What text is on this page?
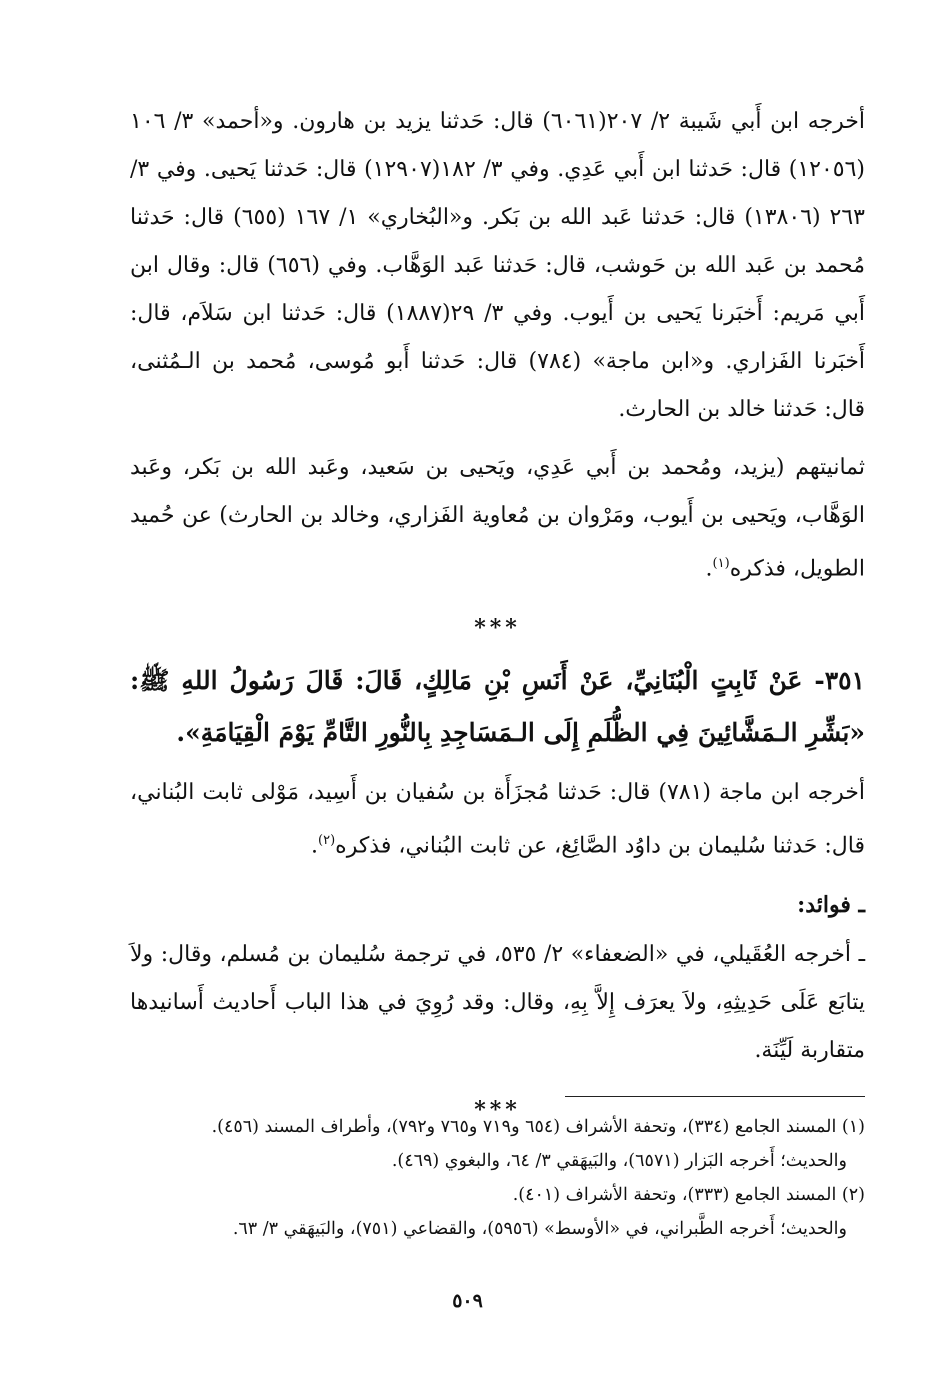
أخرجه ابن أَبي شَيبة ٢/ ٢٠٧(٦٠٦١) قال: حَدثنا يزيد بن هارون. و«أحمد» ٣/ ١٠٦ (١٢٠٥٦) قال: حَدثنا ابن أَبي عَدِي. وفي ٣/ ١٨٢(١٢٩٠٧) قال: حَدثنا يَحيى. وفي ٣/ ٢٦٣ (١٣٨٠٦) قال: حَدثنا عَبد الله بن بَكر. و«البُخاري» ١/ ١٦٧ (٦٥٥) قال: حَدثنا مُحمد بن عَبد الله بن حَوشب، قال: حَدثنا عَبد الوَهَّاب. وفي (٦٥٦) قال: وقال ابن أَبي مَريم: أَخبَرنا يَحيى بن أَيوب. وفي ٣/ ٢٩(١٨٨٧) قال: حَدثنا ابن سَلاَم، قال: أَخبَرنا الفَزاري. و«ابن ماجة» (٧٨٤) قال: حَدثنا أَبو مُوسى، مُحمد بن الـمُثنى، قال: حَدثنا خالد بن الحارث.

ثمانيتهم (يزيد، ومُحمد بن أَبي عَدِي، ويَحيى بن سَعيد، وعَبد الله بن بَكر، وعَبد الوَهَّاب، ويَحيى بن أَيوب، ومَرْوان بن مُعاوية الفَزاري، وخالد بن الحارث) عن حُميد الطويل، فذكره$^{(١)}$.

***

٣٥١- عَنْ ثَابِتٍ الْبُنَانِيِّ، عَنْ أَنَسِ بْنِ مَالِكٍ، قَالَ: قَالَ رَسُولُ اللهِ ﷺ: «بَشِّرِ الـمَشَّائِينَ فِي الظُّلَمِ إِلَى الـمَسَاجِدِ بِالنُّورِ التَّامِّ يَوْمَ الْقِيَامَةِ».

أخرجه ابن ماجة (٧٨١) قال: حَدثنا مُجزَأَة بن سُفيان بن أَسِيد، مَوْلى ثابت البُناني، قال: حَدثنا سُليمان بن داوُد الصَّائِغ، عن ثابت البُناني، فذكره$^{(٢)}$.

ـ فوائد:

ـ أخرجه العُقَيلي، في «الضعفاء» ٢/ ٥٣٥، في ترجمة سُليمان بن مُسلم، وقال: ولاَ يتابَع عَلَى حَدِيثِهِ، ولاَ يعرَف إِلاَّ بِهِ، وقال: وقد رُوِيَ في هذا الباب أَحاديث أَسانيدها متقاربة لَيِّنَة.

***

(١) المسند الجامع (٣٣٤)، وتحفة الأشراف (٦٥٤ و٧١٩ و٧٦٥ و٧٩٢)، وأطراف المسند (٤٥٦).

والحديث؛ أَخرجه البَزار (٦٥٧١)، والبَيهَقي ٣/ ٦٤، والبغوي (٤٦٩).

(٢) المسند الجامع (٣٣٣)، وتحفة الأشراف (٤٠١).

والحديث؛ أَخرجه الطَّبراني، في «الأوسط» (٥٩٥٦)، والقضاعي (٧٥١)، والبَيهَقي ٣/ ٦٣.

٥٠٩
